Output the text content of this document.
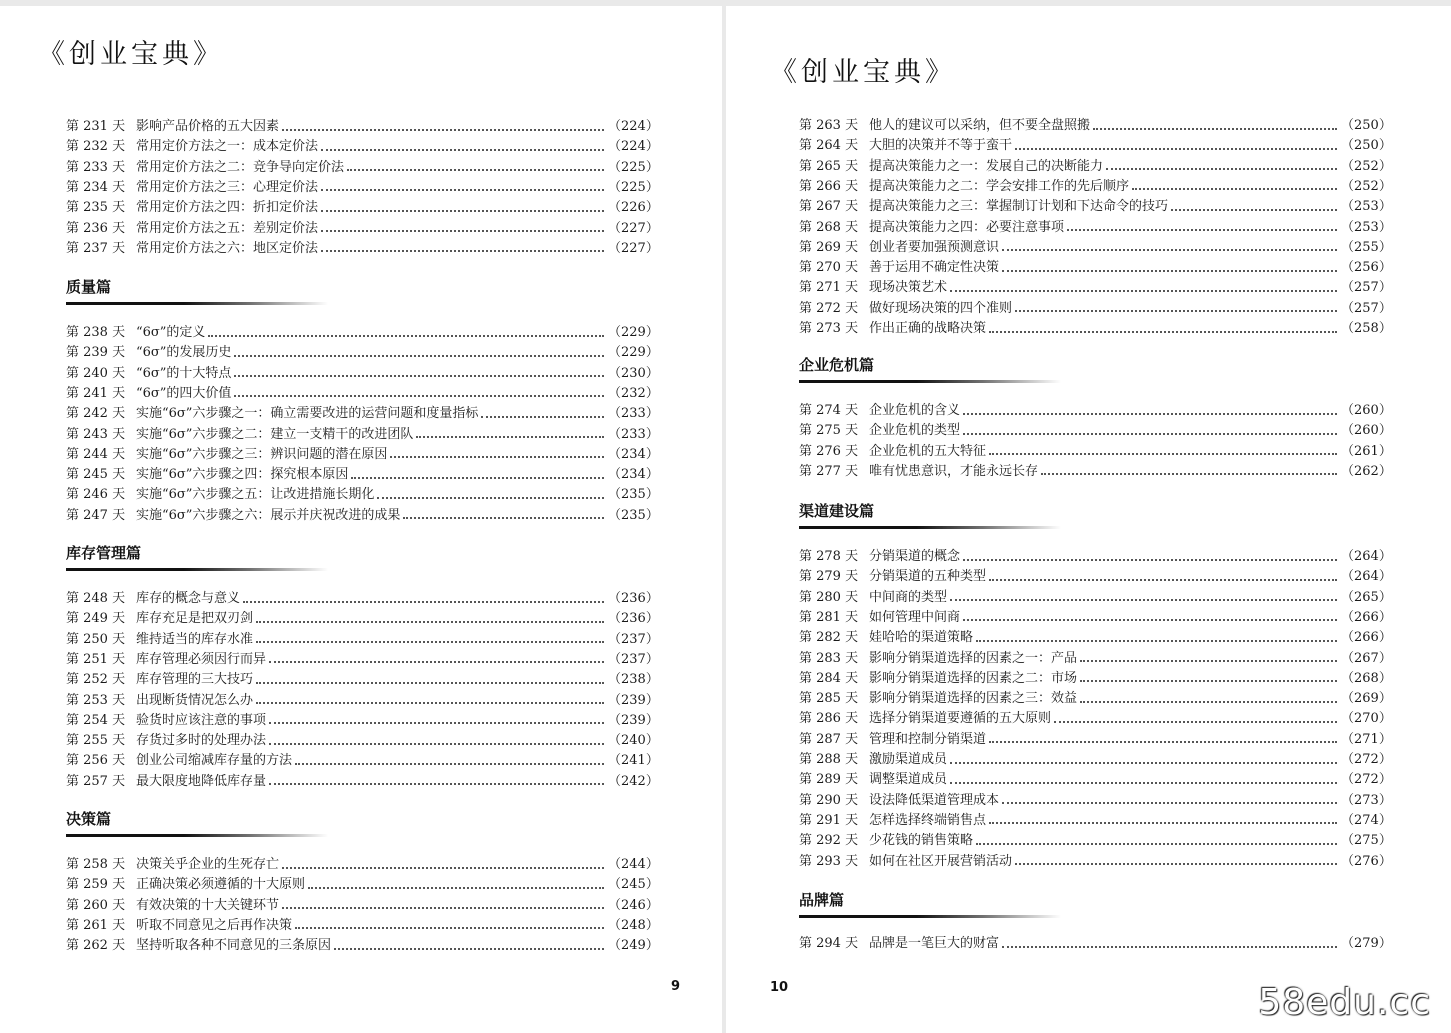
《创业宝典》
第 231 天 影响产品价格的五大因素	（224）
第 232 天 常用定价方法之一：成本定价法	（224）
第 233 天 常用定价方法之二：竞争导向定价法	（225）
第 234 天 常用定价方法之三：心理定价法	（225）
第 235 天 常用定价方法之四：折扣定价法	（226）
第 236 天 常用定价方法之五：差别定价法	（227）
第 237 天 常用定价方法之六：地区定价法	（227）
质量篇
第 238 天 “6σ”的定义	（229）
第 239 天 “6σ”的发展历史	（229）
第 240 天 “6σ”的十大特点	（230）
第 241 天 “6σ”的四大价值	（232）
第 242 天 实施“6σ”六步骤之一：确立需要改进的运营问题和度量指标	（233）
第 243 天 实施“6σ”六步骤之二：建立一支精干的改进团队	（233）
第 244 天 实施“6σ”六步骤之三：辨识问题的潜在原因	（234）
第 245 天 实施“6σ”六步骤之四：探究根本原因	（234）
第 246 天 实施“6σ”六步骤之五：让改进措施长期化	（235）
第 247 天 实施“6σ”六步骤之六：展示并庆祝改进的成果	（235）
库存管理篇
第 248 天 库存的概念与意义	（236）
第 249 天 库存充足是把双刃剑	（236）
第 250 天 维持适当的库存水准	（237）
第 251 天 库存管理必须因行而异	（237）
第 252 天 库存管理的三大技巧	（238）
第 253 天 出现断货情况怎么办	（239）
第 254 天 验货时应该注意的事项	（239）
第 255 天 存货过多时的处理办法	（240）
第 256 天 创业公司缩减库存量的方法	（241）
第 257 天 最大限度地降低库存量	（242）
决策篇
第 258 天 决策关乎企业的生死存亡	（244）
第 259 天 正确决策必须遵循的十大原则	（245）
第 260 天 有效决策的十大关键环节	（246）
第 261 天 听取不同意见之后再作决策	（248）
第 262 天 坚持听取各种不同意见的三条原因	（249）
9
《创业宝典》
第 263 天 他人的建议可以采纳，但不要全盘照搬	（250）
第 264 天 大胆的决策并不等于蛮干	（250）
第 265 天 提高决策能力之一：发展自己的决断能力	（252）
第 266 天 提高决策能力之二：学会安排工作的先后顺序	（252）
第 267 天 提高决策能力之三：掌握制订计划和下达命令的技巧	（253）
第 268 天 提高决策能力之四：必要注意事项	（253）
第 269 天 创业者要加强预测意识	（255）
第 270 天 善于运用不确定性决策	（256）
第 271 天 现场决策艺术	（257）
第 272 天 做好现场决策的四个准则	（257）
第 273 天 作出正确的战略决策	（258）
企业危机篇
第 274 天 企业危机的含义	（260）
第 275 天 企业危机的类型	（260）
第 276 天 企业危机的五大特征	（261）
第 277 天 唯有忧患意识，才能永远长存	（262）
渠道建设篇
第 278 天 分销渠道的概念	（264）
第 279 天 分销渠道的五种类型	（264）
第 280 天 中间商的类型	（265）
第 281 天 如何管理中间商	（266）
第 282 天 娃哈哈的渠道策略	（266）
第 283 天 影响分销渠道选择的因素之一：产品	（267）
第 284 天 影响分销渠道选择的因素之二：市场	（268）
第 285 天 影响分销渠道选择的因素之三：效益	（269）
第 286 天 选择分销渠道要遵循的五大原则	（270）
第 287 天 管理和控制分销渠道	（271）
第 288 天 激励渠道成员	（272）
第 289 天 调整渠道成员	（272）
第 290 天 设法降低渠道管理成本	（273）
第 291 天 怎样选择终端销售点	（274）
第 292 天 少花钱的销售策略	（275）
第 293 天 如何在社区开展营销活动	（276）
品牌篇
第 294 天 品牌是一笔巨大的财富	（279）
10	58edu.cc
